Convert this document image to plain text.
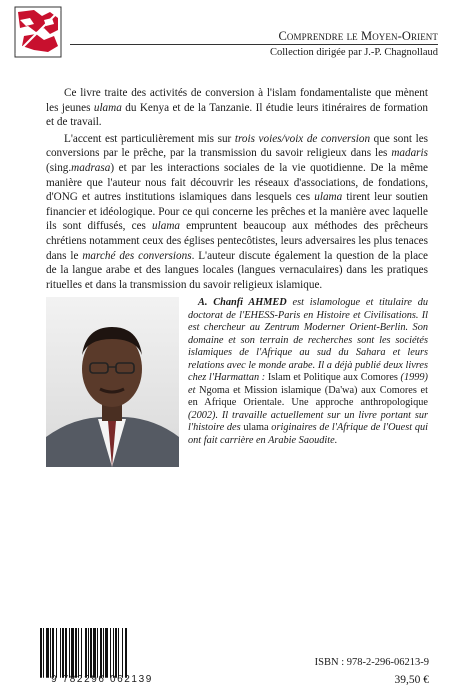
Comprendre le Moyen-Orient
Collection dirigée par J.-P. Chagnollaud

Ce livre traite des activités de conversion à l'islam fondamentaliste que mènent les jeunes ulama du Kenya et de la Tanzanie. Il étudie leurs itinéraires de formation et de travail.

L'accent est particulièrement mis sur trois voies/voix de conversion que sont les conversions par le prêche, par la transmission du savoir religieux dans les madaris (sing.madrasa) et par les interactions sociales de la vie quotidienne. De la même manière que l'auteur nous fait découvrir les réseaux d'associations, de fondations, d'ONG et autres institutions islamiques dans lesquels ces ulama tirent leur soutien financier et idéologique. Pour ce qui concerne les prêches et la manière avec laquelle ils sont diffusés, ces ulama empruntent beaucoup aux méthodes des prêcheurs chrétiens notamment ceux des églises pentecôtistes, leurs adversaires les plus tenaces dans le marché des conversions. L'auteur discute également la question de la place de la langue arabe et des langues locales (langues vernaculaires) dans les pratiques rituelles et dans la transmission du savoir religieux islamique.

A. Chanfi AHMED est islamologue et titulaire du doctorat de l'EHESS-Paris en Histoire et Civilisations. Il est chercheur au Zentrum Moderner Orient-Berlin. Son domaine et son terrain de recherches sont les sociétés islamiques de l'Afrique au sud du Sahara et leurs relations avec le monde arabe. Il a déjà publié deux livres chez l'Harmattan : Islam et Politique aux Comores (1999) et Ngoma et Mission islamique (Da'wa) aux Comores et en Afrique Orientale. Une approche anthropologique (2002). Il travaille actuellement sur un livre portant sur l'histoire des ulama originaires de l'Afrique de l'Ouest qui ont fait carrière en Arabie Saoudite.

9 782296 062139
ISBN : 978-2-296-06213-9
39,50 €
